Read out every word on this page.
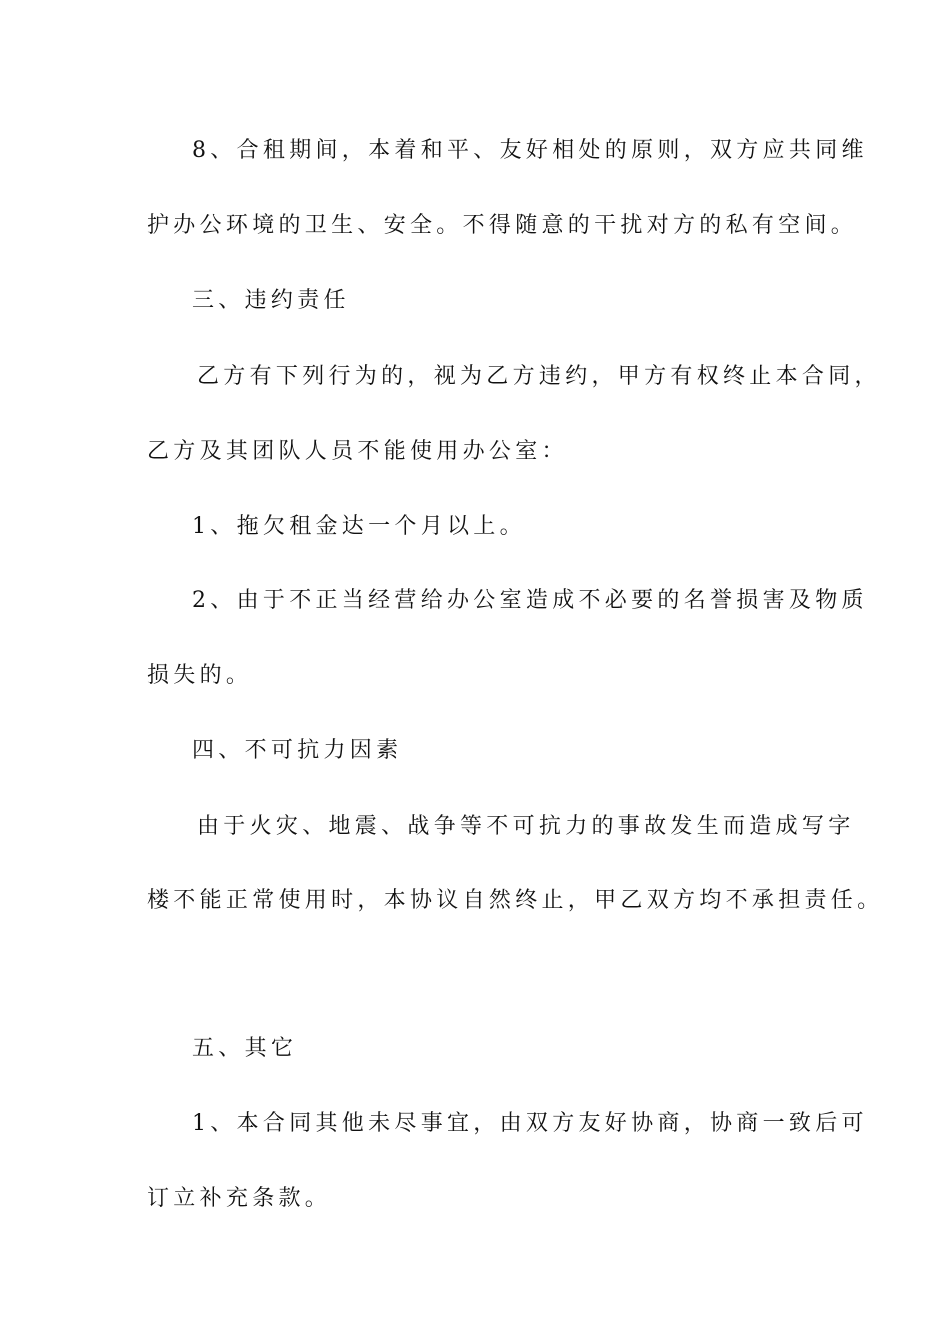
8、合租期间，本着和平、友好相处的原则，双方应共同维
护办公环境的卫生、安全。不得随意的干扰对方的私有空间。
三、违约责任
乙方有下列行为的，视为乙方违约，甲方有权终止本合同，
乙方及其团队人员不能使用办公室：
1、拖欠租金达一个月以上。
2、由于不正当经营给办公室造成不必要的名誉损害及物质
损失的。
四、不可抗力因素
由于火灾、地震、战争等不可抗力的事故发生而造成写字
楼不能正常使用时，本协议自然终止，甲乙双方均不承担责任。
五、其它
1、本合同其他未尽事宜，由双方友好协商，协商一致后可
订立补充条款。
